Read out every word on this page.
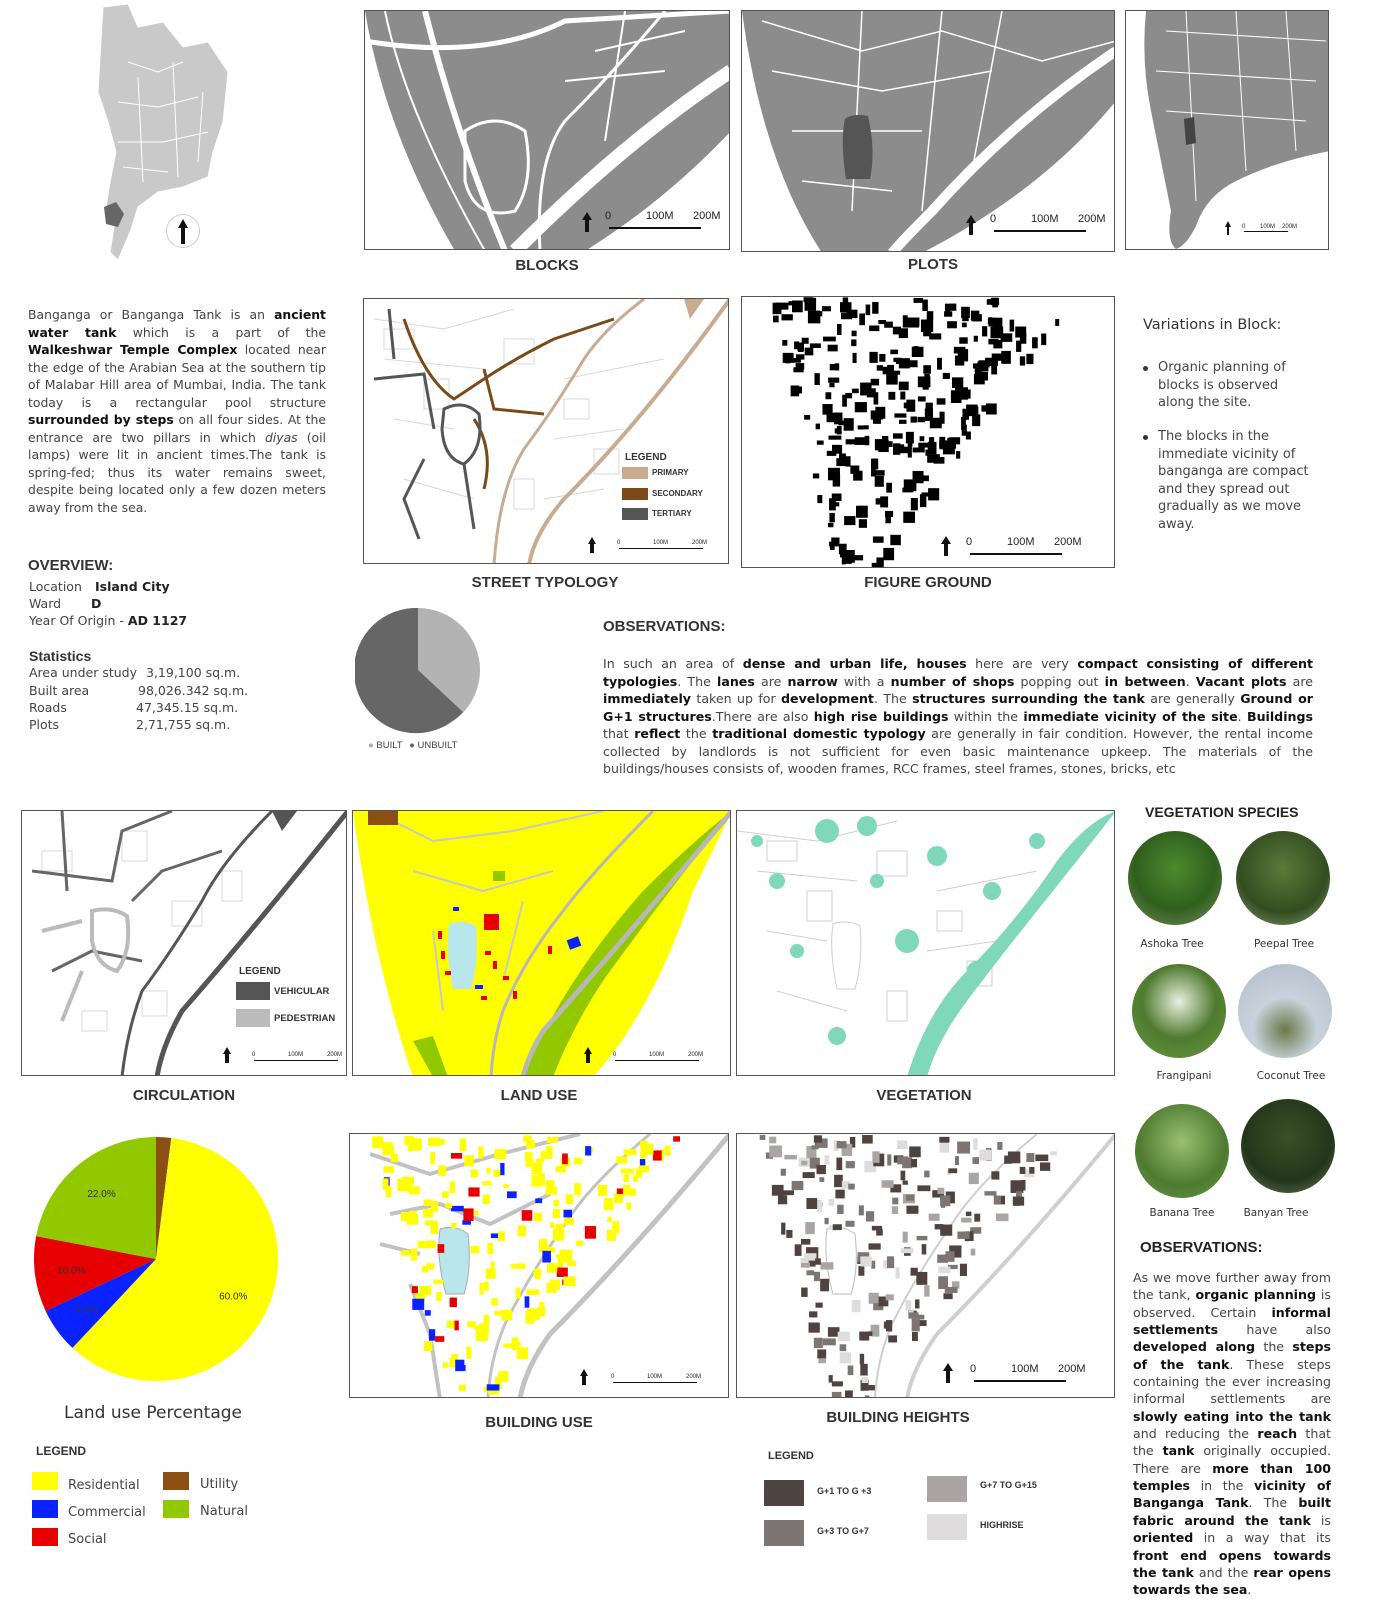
0	100M 200M
BLOCKS
0	100M 200M
PLOTS
0 100M 200M
Banganga or Banganga Tank is an ancient water tank which is a part of the Walkeshwar Temple Complex located near the edge of the Arabian Sea at the southern tip of Malabar Hill area of Mumbai, India. The tank today is a rectangular pool structure surrounded by steps on all four sides. At the entrance are two pillars in which diyas (oil lamps) were lit in ancient times.The tank is spring-fed; thus its water remains sweet, despite being located only a few dozen meters away from the sea.
LEGEND
PRIMARY
SECONDARY
TERTIARY
0	100M	200M
STREET TYPOLOGY
0	100M 200M
FIGURE GROUND
Variations in Block:
Organic planning of blocks is observed along the site.
The blocks in the immediate vicinity of banganga are compact and they spread out gradually as we move away.
OVERVIEW:
Location Island City
Ward D
Year Of Origin - AD 1127
Statistics
Area under study 3,19,100 sq.m.
Built area	98,026.342 sq.m.
Roads	47,345.15 sq.m.
Plots	2,71,755 sq.m.
● BUILT ● UNBUILT
OBSERVATIONS:
In such an area of dense and urban life, houses here are very compact consisting of different typologies. The lanes are narrow with a number of shops popping out in between. Vacant plots are immediately taken up for development. The structures surrounding the tank are generally Ground or G+1 structures.There are also high rise buildings within the immediate vicinity of the site. Buildings that reflect the traditional domestic typology are generally in fair condition. However, the rental income collected by landlords is not sufficient for even basic maintenance upkeep. The materials of the buildings/houses consists of, wooden frames, RCC frames, steel frames, stones, bricks, etc
LEGEND
VEHICULAR
PEDESTRIAN
0	100M	200M
CIRCULATION
0	100M	200M
LAND USE	VEGETATION
VEGETATION SPECIES
Ashoka Tree	Peepal Tree
Frangipani	Coconut Tree
Banana Tree	Banyan Tree
60.0%
6.0%
10.0%
22.0%
Land use Percentage
LEGEND
Residential
Commercial
Social
Utility
Natural
0	100M	200M
BUILDING USE
0	100M 200M
BUILDING HEIGHTS
LEGEND
G+1 TO G +3
G+3 TO G+7
G+7 TO G+15
HIGHRISE
OBSERVATIONS:
As we move further away from the tank, organic planning is observed. Certain informal settlements have also developed along the steps of the tank. These steps containing the ever increasing informal settlements are slowly eating into the tank and reducing the reach that the tank originally occupied. There are more than 100 temples in the vicinity of Banganga Tank. The built fabric around the tank is oriented in a way that its front end opens towards the tank and the rear opens towards the sea.
